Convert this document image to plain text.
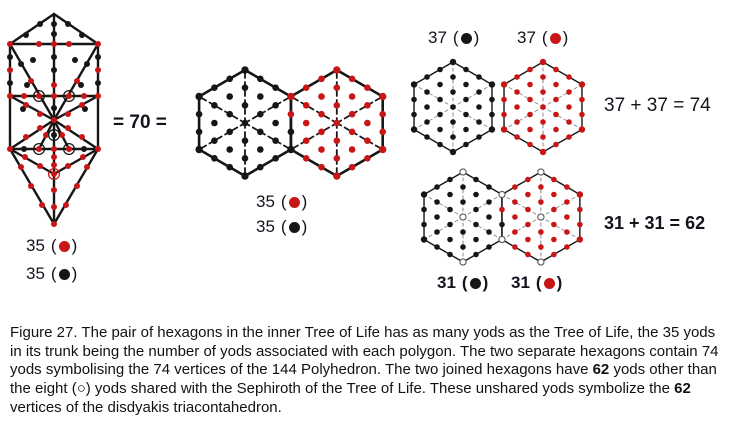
35 ( )
35 ( )
= 70 =
35 ( )
35 ( )
37 ( ) 37 ( )
37 + 37 = 74
31 ( ) 31 ( )
31 + 31 = 62
Figure 27. The pair of hexagons in the inner Tree of Life has as many yods as the Tree of Life, the 35 yods in its trunk being the number of yods associated with each polygon. The two separate hexagons contain 74 yods symbolising the 74 vertices of the 144 Polyhedron. The two joined hexagons have 62 yods other than the eight (○) yods shared with the Sephiroth of the Tree of Life. These unshared yods symbolize the 62 vertices of the disdyakis triacontahedron.
